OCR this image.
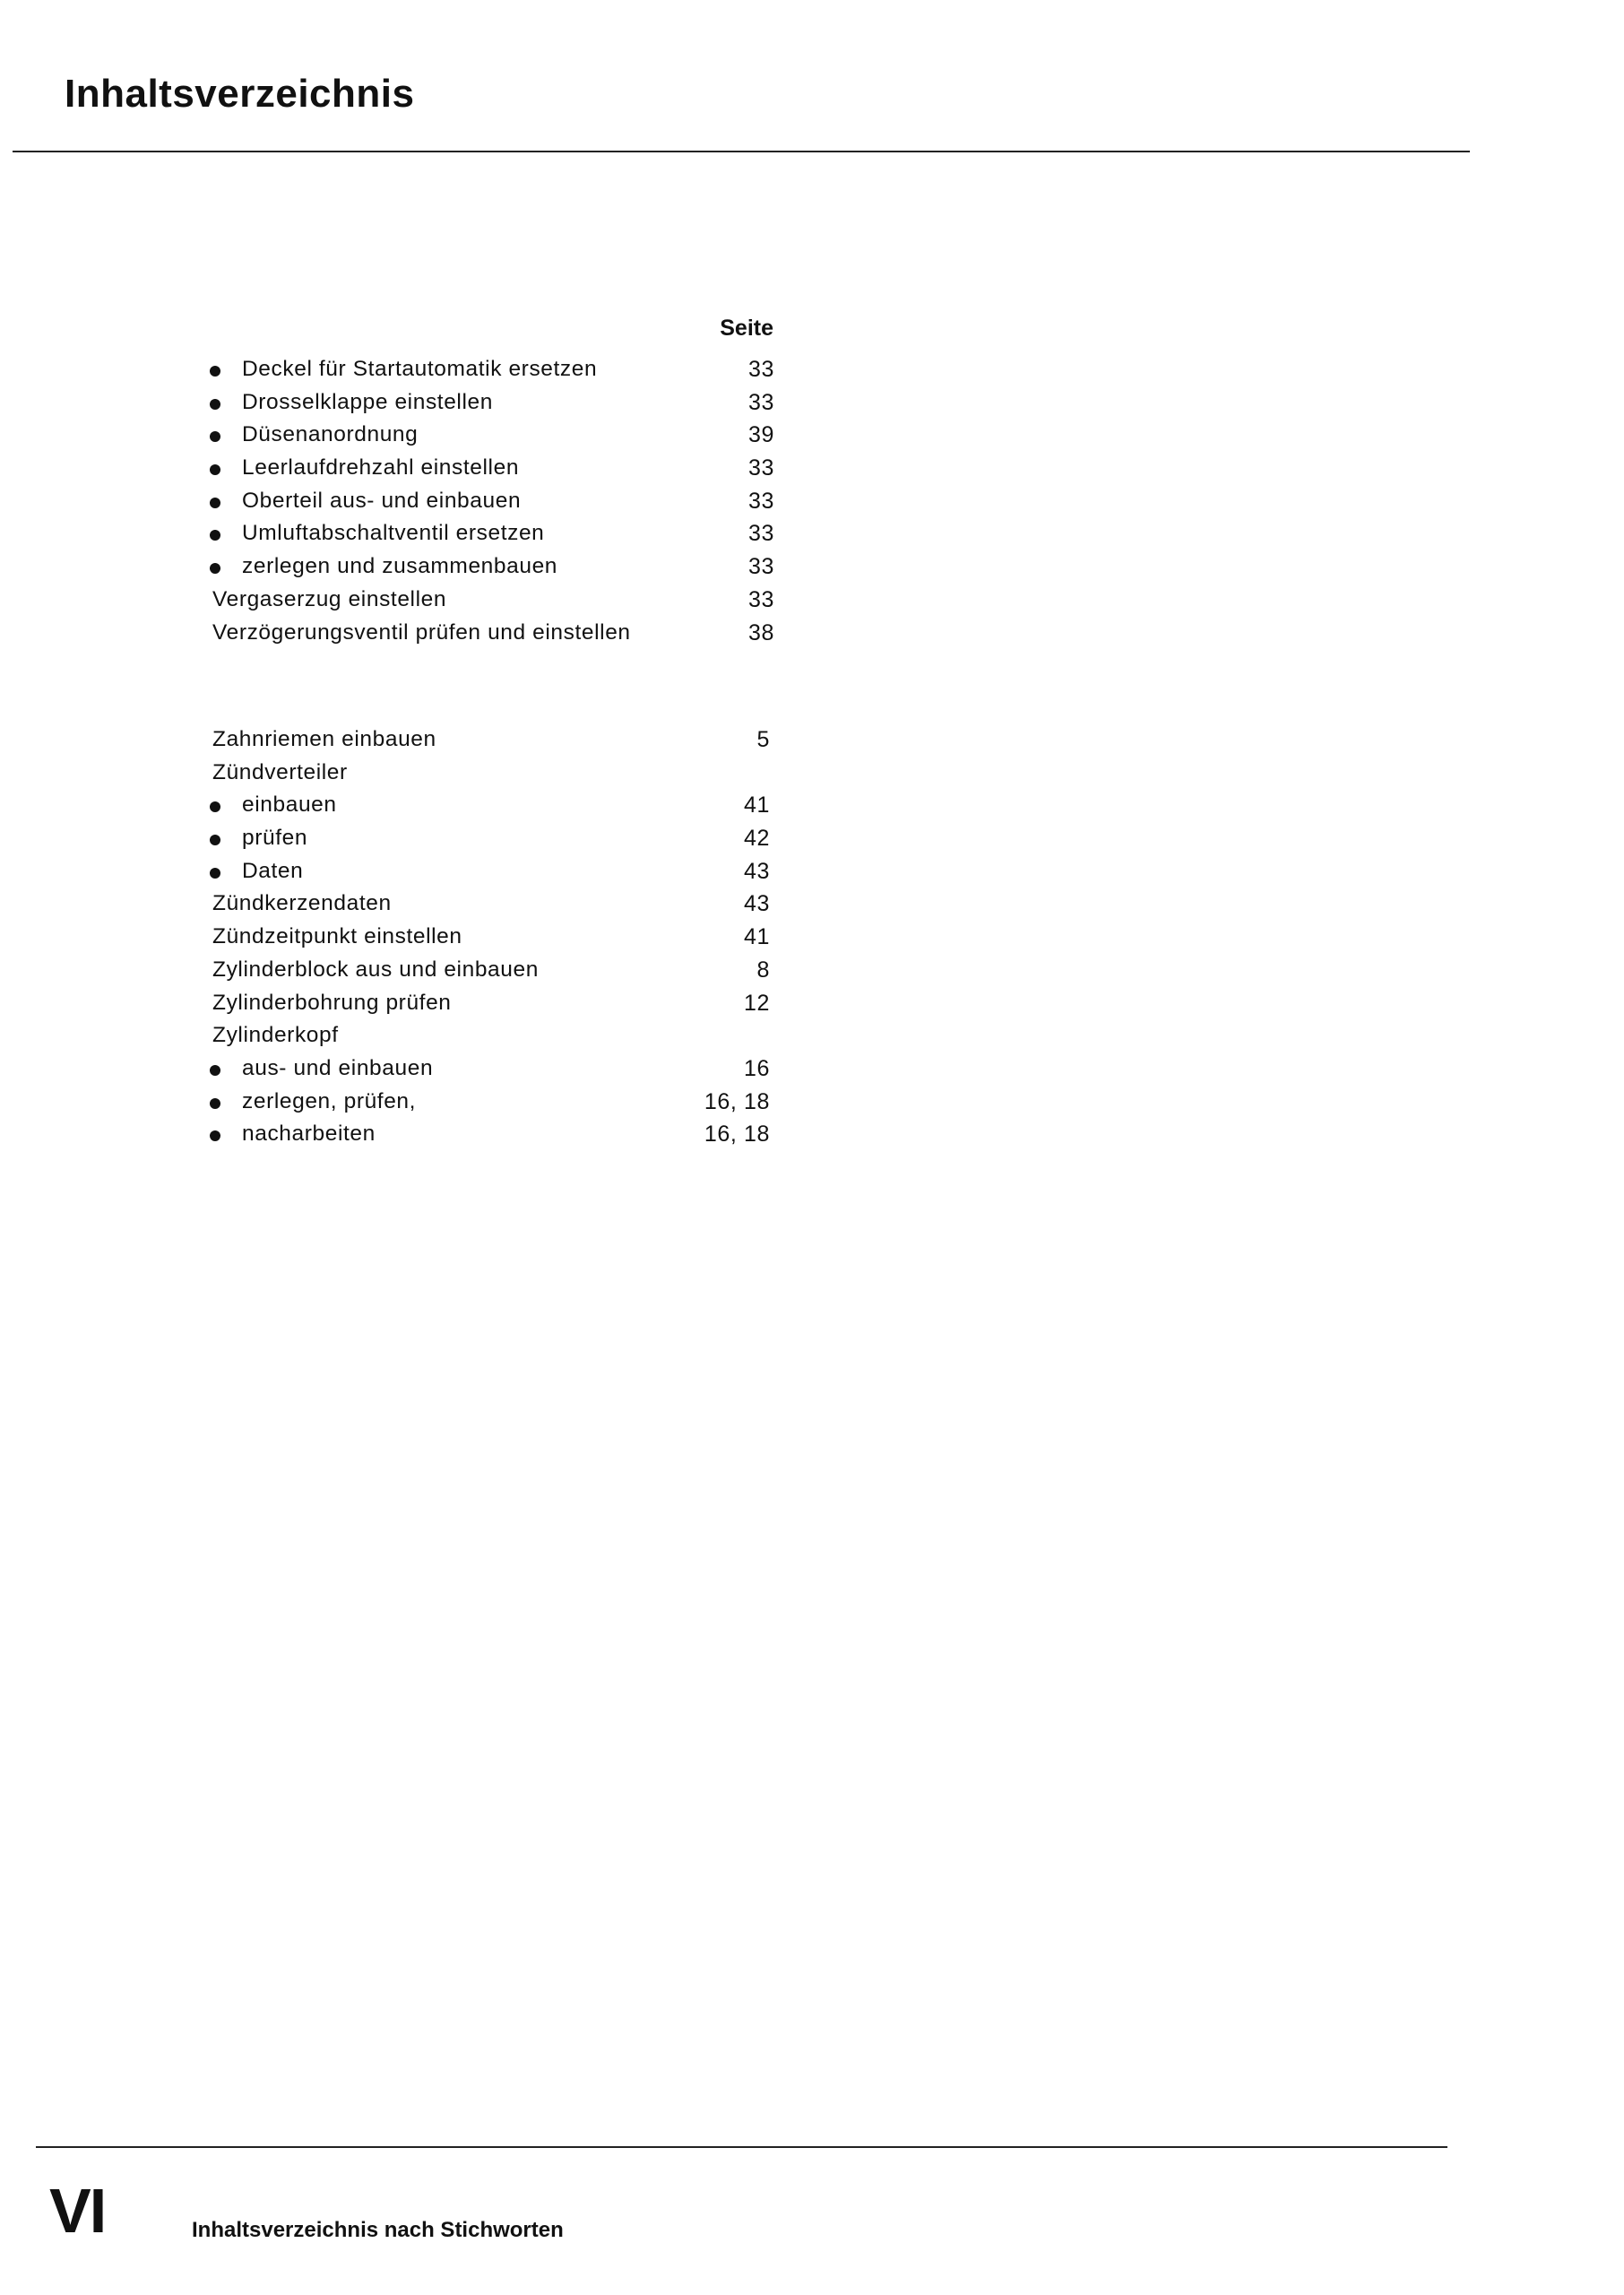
Inhaltsverzeichnis
Seite
Deckel für Startautomatik ersetzen	33
Drosselklappe einstellen	33
Düsenanordnung	39
Leerlaufdrehzahl einstellen	33
Oberteil aus- und einbauen	33
Umluftabschaltventil ersetzen	33
zerlegen und zusammenbauen	33
Vergaserzug einstellen	33
Verzögerungsventil prüfen und einstellen	38
Zahnriemen einbauen	5
Zündverteiler
einbauen	41
prüfen	42
Daten	43
Zündkerzendaten	43
Zündzeitpunkt einstellen	41
Zylinderblock aus und einbauen	8
Zylinderbohrung prüfen	12
Zylinderkopf
aus- und einbauen	16
zerlegen, prüfen,	16, 18
nacharbeiten	16, 18
VI	Inhaltsverzeichnis nach Stichworten
